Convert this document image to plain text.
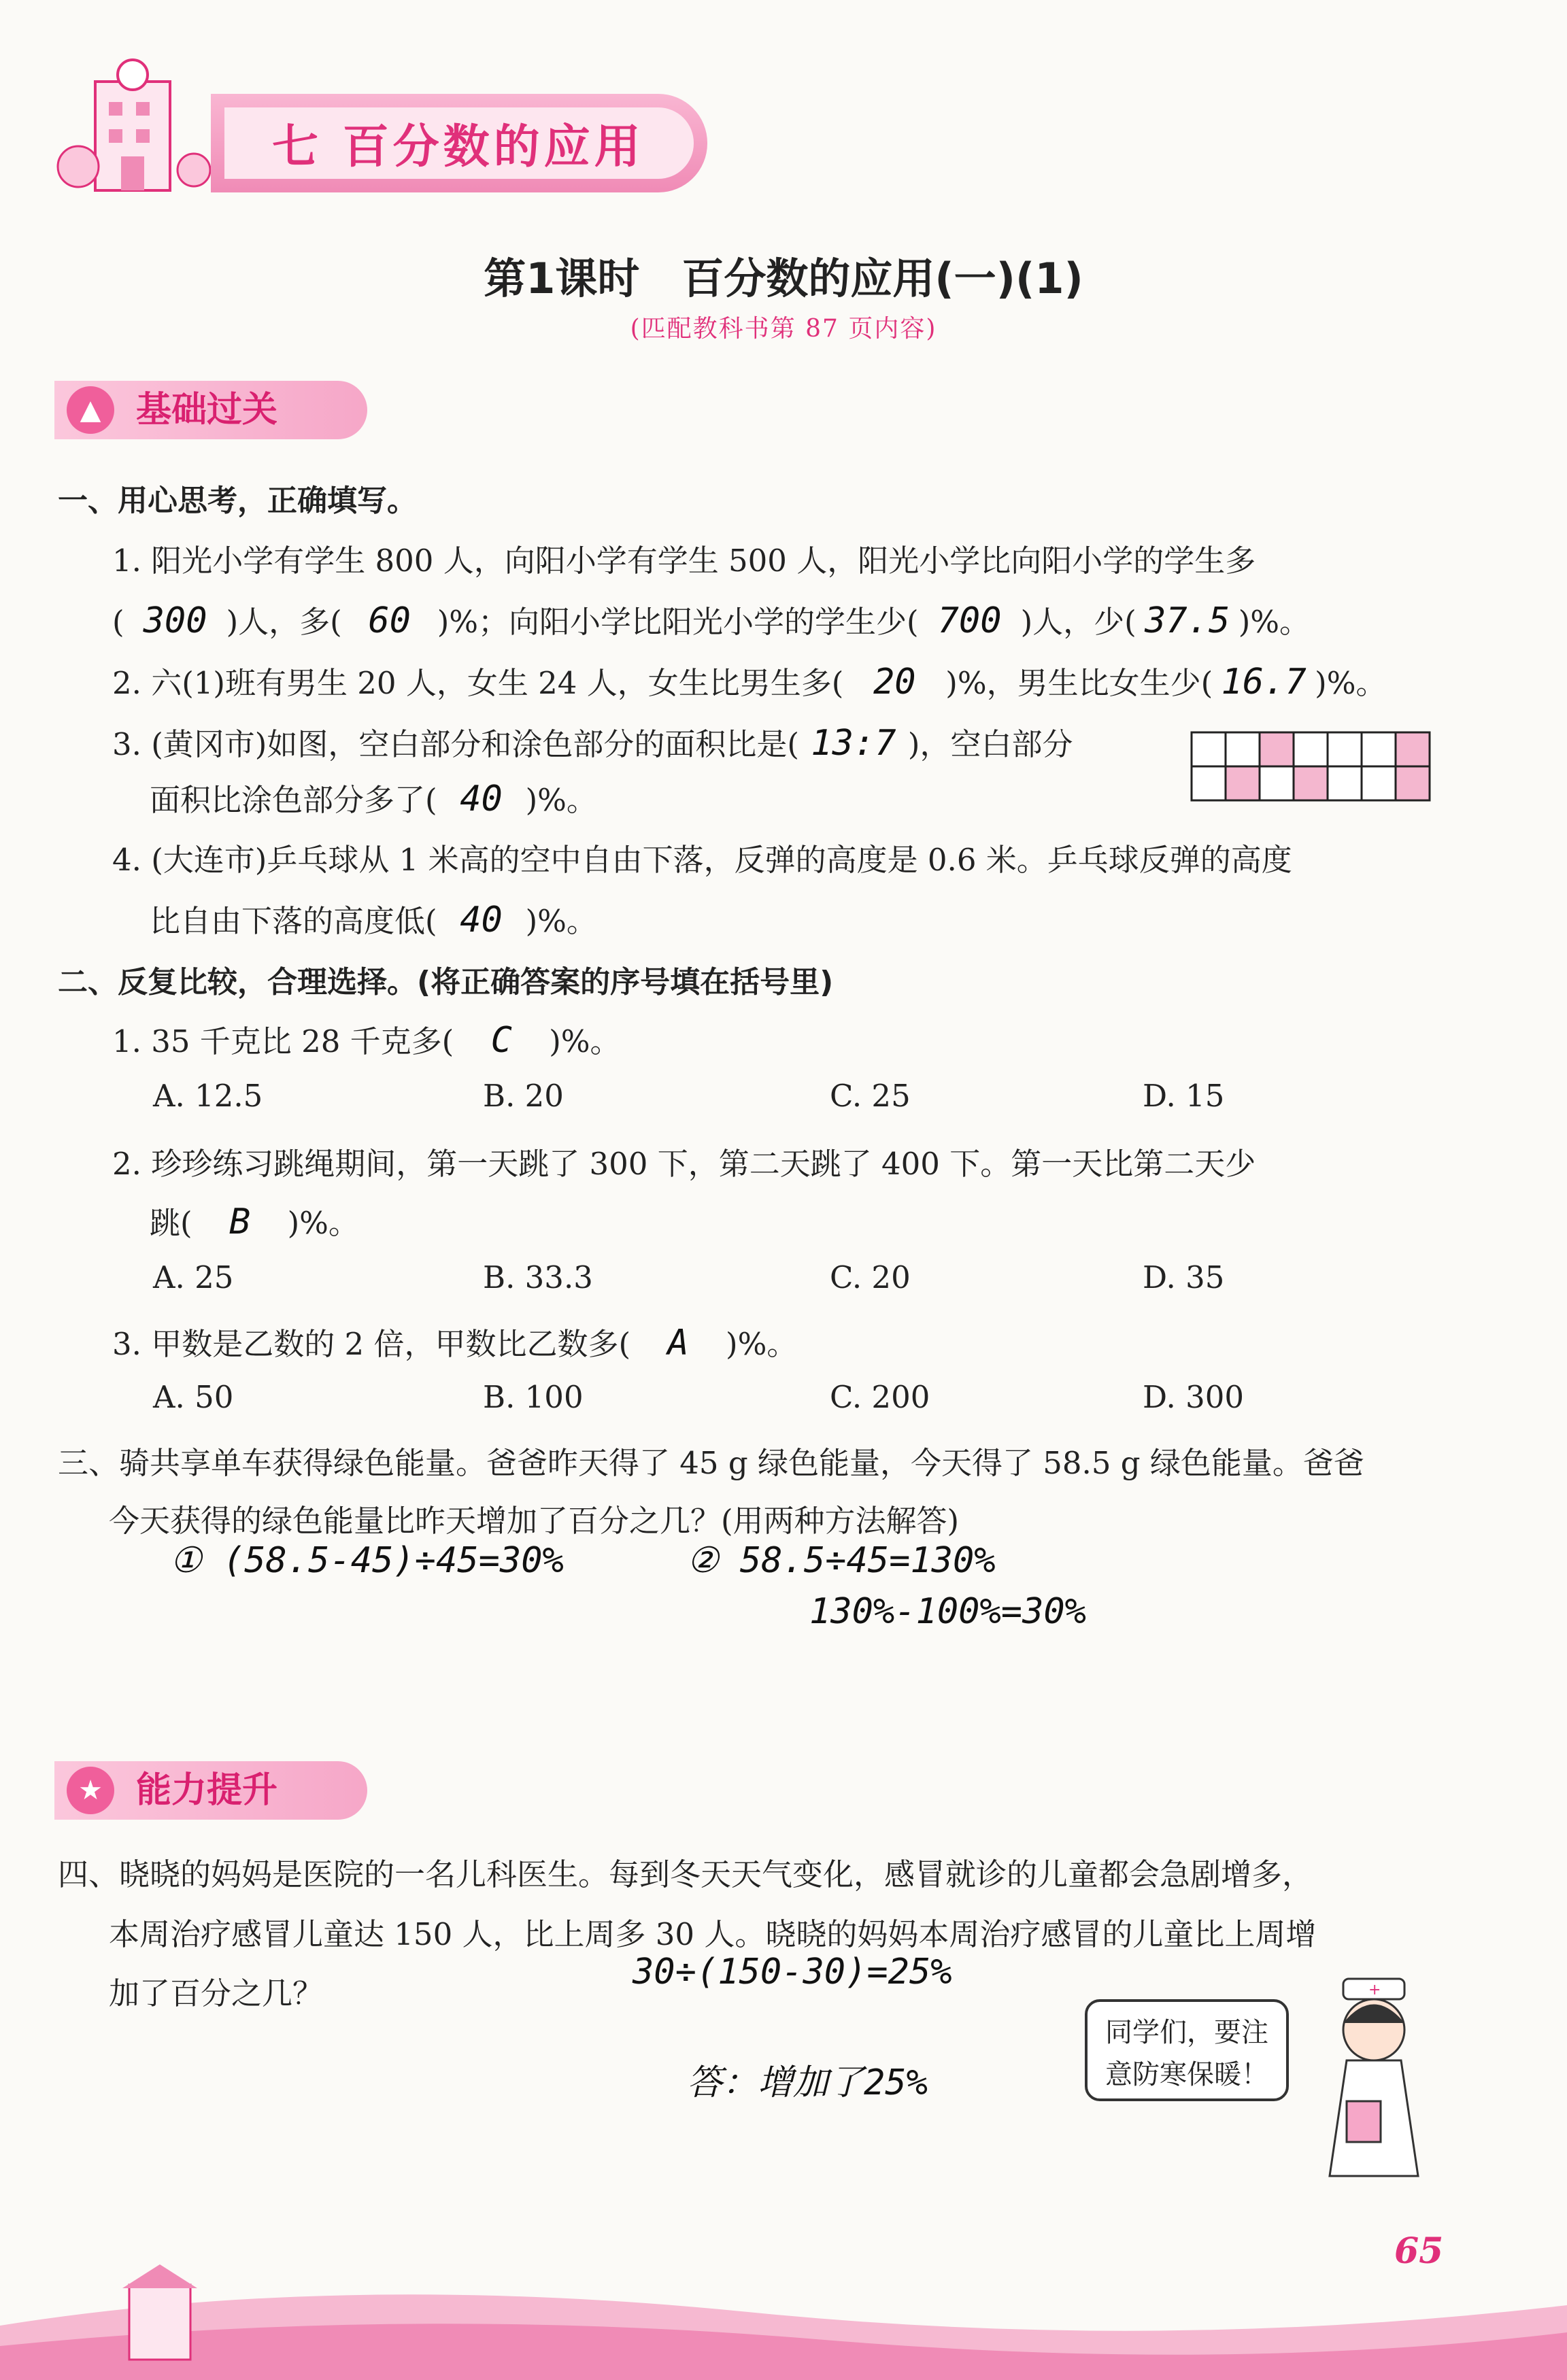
七 百分数的应用
第1课时　百分数的应用(一)(1)
(匹配教科书第 87 页内容)
▲ 基础过关
一、用心思考，正确填写。
1. 阳光小学有学生 800 人，向阳小学有学生 500 人，阳光小学比向阳小学的学生多
( 300 )人，多( 60 )%；向阳小学比阳光小学的学生少( 700 )人，少( 37.5 )%。
2. 六(1)班有男生 20 人，女生 24 人，女生比男生多( 20 )%，男生比女生少( 16.7 )%。
3. (黄冈市)如图，空白部分和涂色部分的面积比是( 13:7 )，空白部分
面积比涂色部分多了( 40 )%。
4. (大连市)乒乓球从 1 米高的空中自由下落，反弹的高度是 0.6 米。乒乓球反弹的高度
比自由下落的高度低( 40 )%。
二、反复比较，合理选择。(将正确答案的序号填在括号里)
1. 35 千克比 28 千克多( C )%。
A. 12.5	B. 20	C. 25	D. 15
2. 珍珍练习跳绳期间，第一天跳了 300 下，第二天跳了 400 下。第一天比第二天少
跳( B )%。
A. 25	B. 33.3	C. 20	D. 35
3. 甲数是乙数的 2 倍，甲数比乙数多( A )%。
A. 50	B. 100	C. 200	D. 300
三、骑共享单车获得绿色能量。爸爸昨天得了 45 g 绿色能量，今天得了 58.5 g 绿色能量。爸爸
今天获得的绿色能量比昨天增加了百分之几？(用两种方法解答)
① (58.5-45)÷45=30%	② 58.5÷45=130%
130%-100%=30%
★ 能力提升
四、晓晓的妈妈是医院的一名儿科医生。每到冬天天气变化，感冒就诊的儿童都会急剧增多，
本周治疗感冒儿童达 150 人，比上周多 30 人。晓晓的妈妈本周治疗感冒的儿童比上周增
加了百分之几？
30÷(150-30)=25%
答：增加了25%
同学们，要注
意防寒保暖！
+
65
